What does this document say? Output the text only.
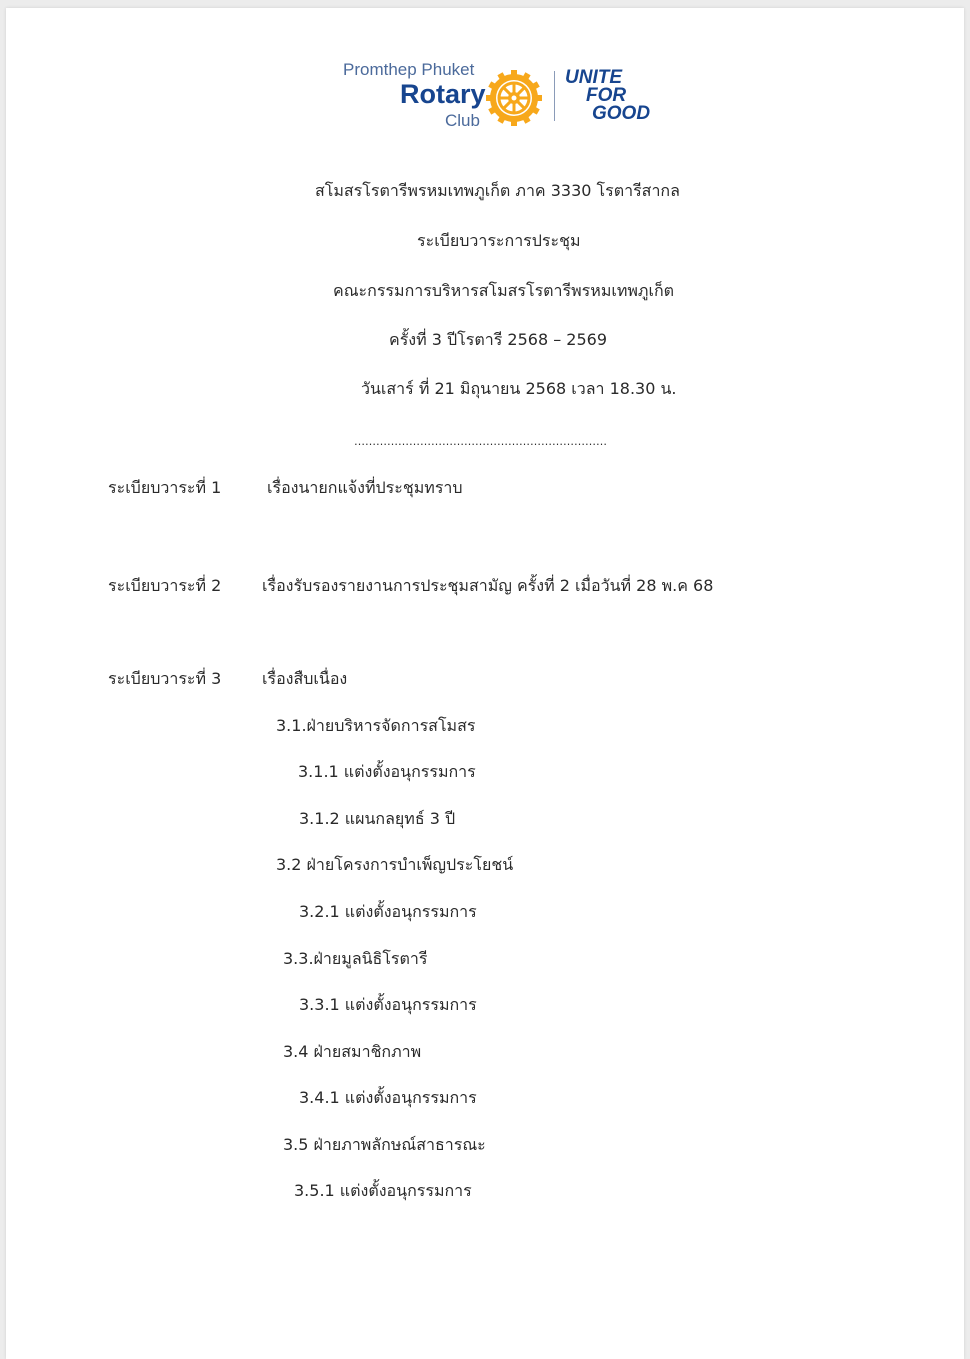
Promthep Phuket
Rotary
Club
UNITE
FOR
GOOD
สโมสรโรตารีพรหมเทพภูเก็ต ภาค 3330 โรตารีสากล
ระเบียบวาระการประชุม
คณะกรรมการบริหารสโมสรโรตารีพรหมเทพภูเก็ต
ครั้งที่ 3 ปีโรตารี 2568 – 2569
วันเสาร์ ที่ 21 มิถุนายน 2568 เวลา 18.30 น.
……………………………………………………………
ระเบียบวาระที่ 1	เรื่องนายกแจ้งที่ประชุมทราบ
ระเบียบวาระที่ 2	เรื่องรับรองรายงานการประชุมสามัญ ครั้งที่ 2 เมื่อวันที่ 28 พ.ค 68
ระเบียบวาระที่ 3	เรื่องสืบเนื่อง
3.1.ฝ่ายบริหารจัดการสโมสร
3.1.1 แต่งตั้งอนุกรรมการ
3.1.2 แผนกลยุทธ์ 3 ปี
3.2 ฝ่ายโครงการบำเพ็ญประโยชน์
3.2.1 แต่งตั้งอนุกรรมการ
3.3.ฝ่ายมูลนิธิโรตารี
3.3.1 แต่งตั้งอนุกรรมการ
3.4 ฝ่ายสมาชิกภาพ
3.4.1 แต่งตั้งอนุกรรมการ
3.5 ฝ่ายภาพลักษณ์สาธารณะ
3.5.1 แต่งตั้งอนุกรรมการ
